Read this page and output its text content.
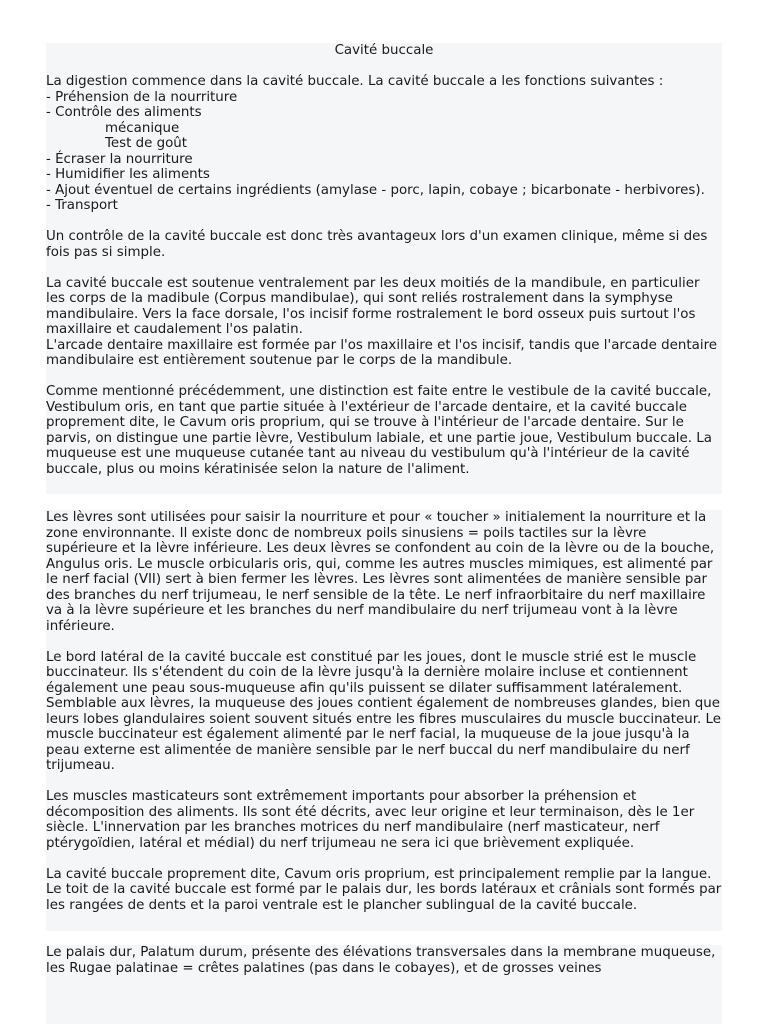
Cavité buccale

La digestion commence dans la cavité buccale. La cavité buccale a les fonctions suivantes :

- Préhension de la nourriture
- Contrôle des aliments
mécanique
Test de goût
- Écraser la nourriture
- Humidifier les aliments
- Ajout éventuel de certains ingrédients (amylase - porc, lapin, cobaye ; bicarbonate - herbivores).
- Transport

Un contrôle de la cavité buccale est donc très avantageux lors d'un examen clinique, même si des fois pas si simple.

La cavité buccale est soutenue ventralement par les deux moitiés de la mandibule, en particulier les corps de la madibule (Corpus mandibulae), qui sont reliés rostralement dans la symphyse mandibulaire. Vers la face dorsale, l'os incisif forme rostralement le bord osseux puis surtout l'os maxillaire et caudalement l'os palatin.

L'arcade dentaire maxillaire est formée par l'os maxillaire et l'os incisif, tandis que l'arcade dentaire mandibulaire est entièrement soutenue par le corps de la mandibule.

Comme mentionné précédemment, une distinction est faite entre le vestibule de la cavité buccale, Vestibulum oris, en tant que partie située à l'extérieur de l'arcade dentaire, et la cavité buccale proprement dite, le Cavum oris proprium, qui se trouve à l'intérieur de l'arcade dentaire. Sur le parvis, on distingue une partie lèvre, Vestibulum labiale, et une partie joue, Vestibulum buccale. La muqueuse est une muqueuse cutanée tant au niveau du vestibulum qu'à l'intérieur de la cavité buccale, plus ou moins kératinisée selon la nature de l'aliment.

Les lèvres sont utilisées pour saisir la nourriture et pour « toucher » initialement la nourriture et la zone environnante. Il existe donc de nombreux poils sinusiens = poils tactiles sur la lèvre supérieure et la lèvre inférieure. Les deux lèvres se confondent au coin de la lèvre ou de la bouche, Angulus oris. Le muscle orbicularis oris, qui, comme les autres muscles mimiques, est alimenté par le nerf facial (VII) sert à bien fermer les lèvres. Les lèvres sont alimentées de manière sensible par des branches du nerf trijumeau, le nerf sensible de la tête. Le nerf infraorbitaire du nerf maxillaire va à la lèvre supérieure et les branches du nerf mandibulaire du nerf trijumeau vont à la lèvre inférieure.

Le bord latéral de la cavité buccale est constitué par les joues, dont le muscle strié est le muscle buccinateur. Ils s'étendent du coin de la lèvre jusqu'à la dernière molaire incluse et contiennent également une peau sous-muqueuse afin qu'ils puissent se dilater suffisamment latéralement. Semblable aux lèvres, la muqueuse des joues contient également de nombreuses glandes, bien que leurs lobes glandulaires soient souvent situés entre les fibres musculaires du muscle buccinateur. Le muscle buccinateur est également alimenté par le nerf facial, la muqueuse de la joue jusqu'à la peau externe est alimentée de manière sensible par le nerf buccal du nerf mandibulaire du nerf trijumeau.

Les muscles masticateurs sont extrêmement importants pour absorber la préhension et décomposition des aliments. Ils sont été décrits, avec leur origine et leur terminaison, dès le 1er siècle. L'innervation par les branches motrices du nerf mandibulaire (nerf masticateur, nerf ptérygoïdien, latéral et médial) du nerf trijumeau ne sera ici que brièvement expliquée.

La cavité buccale proprement dite, Cavum oris proprium, est principalement remplie par la langue. Le toit de la cavité buccale est formé par le palais dur, les bords latéraux et crânials sont formés par les rangées de dents et la paroi ventrale est le plancher sublingual de la cavité buccale.

Le palais dur, Palatum durum, présente des élévations transversales dans la membrane muqueuse, les Rugae palatinae = crêtes palatines (pas dans le cobayes), et de grosses veines
